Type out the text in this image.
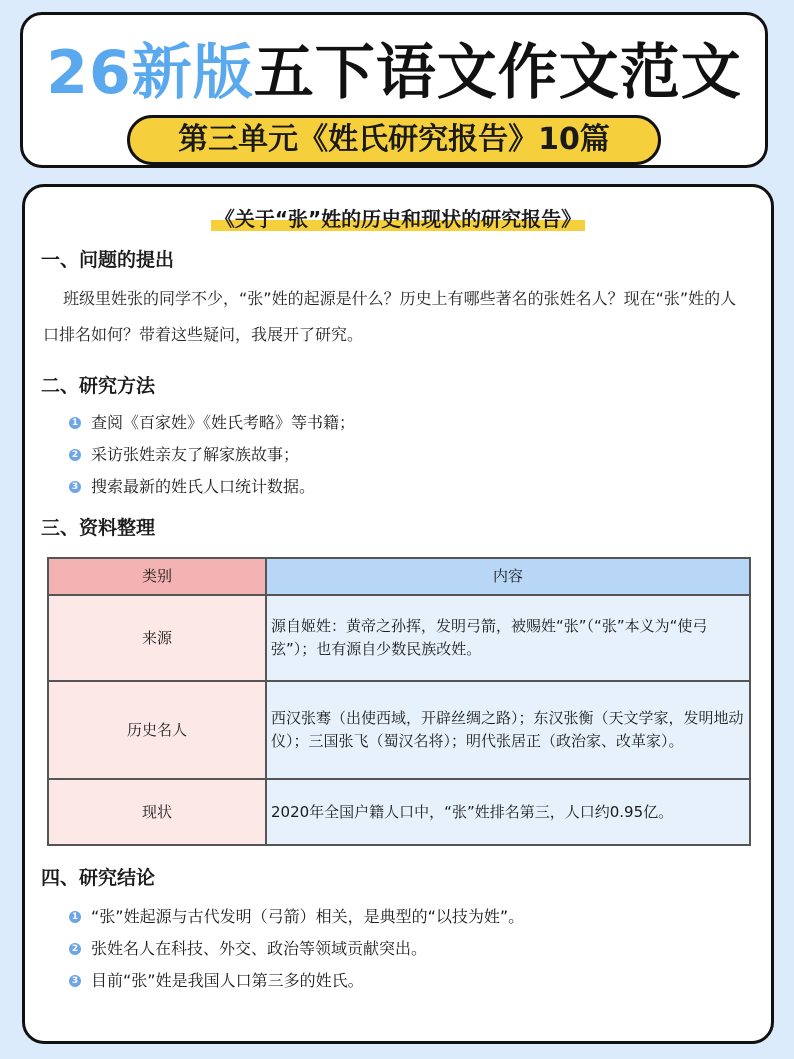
26新版五下语文作文范文
第三单元《姓氏研究报告》10篇
《关于“张”姓的历史和现状的研究报告》
一、问题的提出
班级里姓张的同学不少，“张”姓的起源是什么？历史上有哪些著名的张姓名人？现在“张”姓的人口排名如何？带着这些疑问，我展开了研究。
二、研究方法
1 查阅《百家姓》《姓氏考略》等书籍；
2 采访张姓亲友了解家族故事；
3 搜索最新的姓氏人口统计数据。
三、资料整理
类别	内容
来源	源自姬姓：黄帝之孙挥，发明弓箭，被赐姓“张”（“张”本义为“使弓弦”）；也有源自少数民族改姓。
历史名人	西汉张骞（出使西域，开辟丝绸之路）；东汉张衡（天文学家，发明地动仪）；三国张飞（蜀汉名将）；明代张居正（政治家、改革家）。
现状	2020年全国户籍人口中，“张”姓排名第三，人口约0.95亿。
四、研究结论
1 “张”姓起源与古代发明（弓箭）相关，是典型的“以技为姓”。
2 张姓名人在科技、外交、政治等领域贡献突出。
3 目前“张”姓是我国人口第三多的姓氏。
